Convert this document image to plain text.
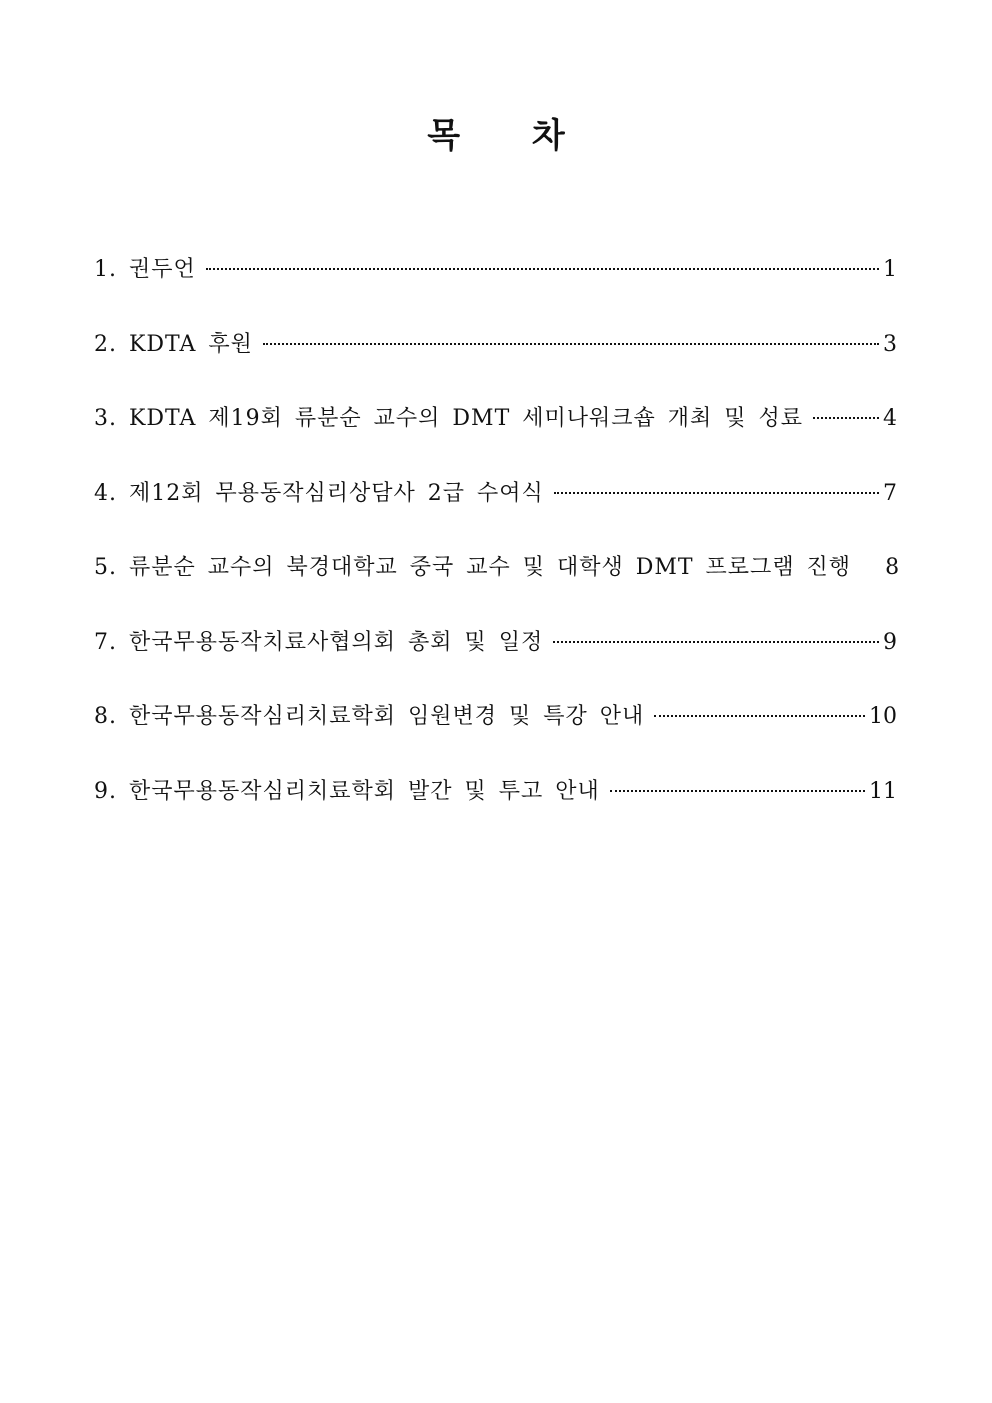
목 차
1. 권두언	1
2. KDTA 후원	3
3. KDTA 제19회 류분순 교수의 DMT 세미나워크숍 개최 및 성료	4
4. 제12회 무용동작심리상담사 2급 수여식	7
5. 류분순 교수의 북경대학교 중국 교수 및 대학생 DMT 프로그램 진행 8
7. 한국무용동작치료사협의회 총회 및 일정	9
8. 한국무용동작심리치료학회 임원변경 및 특강 안내	10
9. 한국무용동작심리치료학회 발간 및 투고 안내	11
